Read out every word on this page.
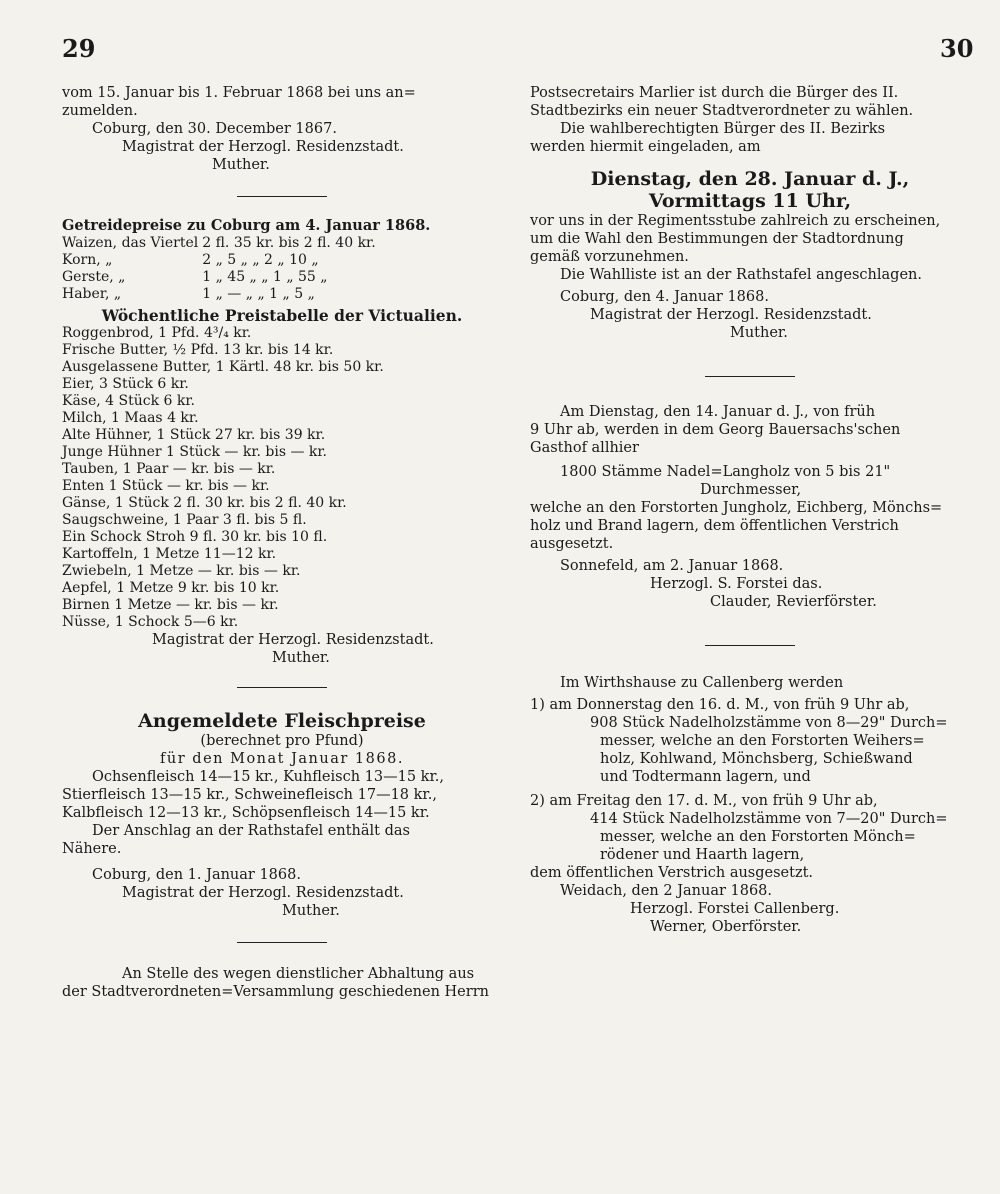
29	30
vom 15. Januar bis 1. Februar 1868 bei uns an=
zumelden.
Coburg, den 30. December 1867.
Magistrat der Herzogl. Residenzstadt.
Muther.
Getreidepreise zu Coburg am 4. Januar 1868.
Waizen, das Viertel	2 fl. 35 kr. bis 2 fl. 40 kr.
Korn, „	2 „ 5 „ „ 2 „ 10 „
Gerste, „	1 „ 45 „ „ 1 „ 55 „
Haber, „	1 „ — „ „ 1 „ 5 „
Wöchentliche Preistabelle der Victualien.
Roggenbrod, 1 Pfd. 4³/₄ kr.
Frische Butter, ½ Pfd. 13 kr. bis 14 kr.
Ausgelassene Butter, 1 Kärtl. 48 kr. bis 50 kr.
Eier, 3 Stück 6 kr.
Käse, 4 Stück 6 kr.
Milch, 1 Maas 4 kr.
Alte Hühner, 1 Stück 27 kr. bis 39 kr.
Junge Hühner 1 Stück — kr. bis — kr.
Tauben, 1 Paar — kr. bis — kr.
Enten 1 Stück — kr. bis — kr.
Gänse, 1 Stück 2 fl. 30 kr. bis 2 fl. 40 kr.
Saugschweine, 1 Paar 3 fl. bis 5 fl.
Ein Schock Stroh 9 fl. 30 kr. bis 10 fl.
Kartoffeln, 1 Metze 11—12 kr.
Zwiebeln, 1 Metze — kr. bis — kr.
Aepfel, 1 Metze 9 kr. bis 10 kr.
Birnen 1 Metze — kr. bis — kr.
Nüsse, 1 Schock 5—6 kr.
Magistrat der Herzogl. Residenzstadt.
Muther.
Angemeldete Fleischpreise
(berechnet pro Pfund)
für den Monat Januar 1868.
Ochsenfleisch 14—15 kr., Kuhfleisch 13—15 kr.,
Stierfleisch 13—15 kr., Schweinefleisch 17—18 kr.,
Kalbfleisch 12—13 kr., Schöpsenfleisch 14—15 kr.
Der Anschlag an der Rathstafel enthält das
Nähere.
Coburg, den 1. Januar 1868.
Magistrat der Herzogl. Residenzstadt.
Muther.
An Stelle des wegen dienstlicher Abhaltung aus
der Stadtverordneten=Versammlung geschiedenen Herrn
Postsecretairs Marlier ist durch die Bürger des II.
Stadtbezirks ein neuer Stadtverordneter zu wählen.
Die wahlberechtigten Bürger des II. Bezirks
werden hiermit eingeladen, am
Dienstag, den 28. Januar d. J.,
Vormittags 11 Uhr,
vor uns in der Regimentsstube zahlreich zu erscheinen,
um die Wahl den Bestimmungen der Stadtordnung
gemäß vorzunehmen.
Die Wahlliste ist an der Rathstafel angeschlagen.
Coburg, den 4. Januar 1868.
Magistrat der Herzogl. Residenzstadt.
Muther.
Am Dienstag, den 14. Januar d. J., von früh
9 Uhr ab, werden in dem Georg Bauersachs'schen
Gasthof allhier
1800 Stämme Nadel=Langholz von 5 bis 21"
Durchmesser,
welche an den Forstorten Jungholz, Eichberg, Mönchs=
holz und Brand lagern, dem öffentlichen Verstrich
ausgesetzt.
Sonnefeld, am 2. Januar 1868.
Herzogl. S. Forstei das.
Clauder, Revierförster.
Im Wirthshause zu Callenberg werden
1) am Donnerstag den 16. d. M., von früh 9 Uhr ab,
908 Stück Nadelholzstämme von 8—29" Durch=
messer, welche an den Forstorten Weihers=
holz, Kohlwand, Mönchsberg, Schießwand
und Todtermann lagern, und
2) am Freitag den 17. d. M., von früh 9 Uhr ab,
414 Stück Nadelholzstämme von 7—20" Durch=
messer, welche an den Forstorten Mönch=
rödener und Haarth lagern,
dem öffentlichen Verstrich ausgesetzt.
Weidach, den 2 Januar 1868.
Herzogl. Forstei Callenberg.
Werner, Oberförster.
